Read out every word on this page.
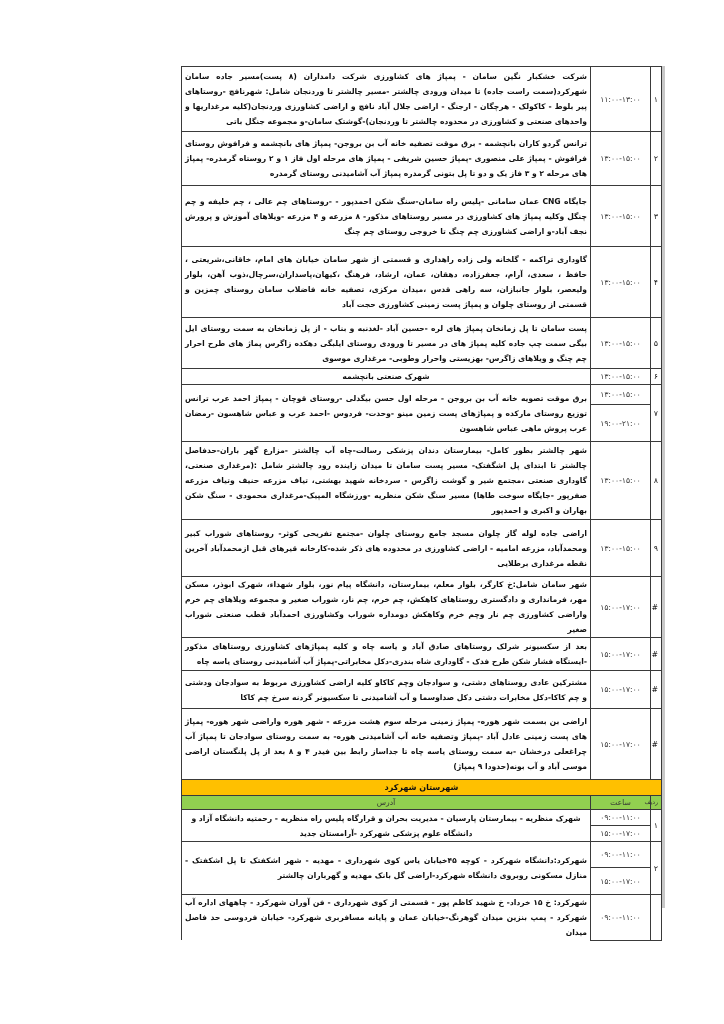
۱	۱۱:۰۰-۱۳:۰۰	شرکت خشکبار نگین سامان - پمپاژ های کشاورزی شرکت دامداران (۸ پست)مسیر جاده سامان شهرکرد(سمت راست جاده) تا میدان ورودی چالشتر -مسیر چالشتر تا وردنجان شامل: شهرنافچ -روستاهای پیر بلوط - کاکولک - هرچگان - ارجنگ - اراضی جلال آباد نافچ و اراضی کشاورزی وردنجان(کلیه مرغداریها و واحدهای صنعتی و کشاورزی در محدوده چالشتر تا وردنجان)-گوشتک سامان-و مجموعه جنگل باتی
۲	۱۳:۰۰-۱۵:۰۰	ترانس گردو کاران بانچشمه - برق موقت تصفیه خانه آب بن بروجن- پمپاژ های بانچشمه و فرافوش روستای فرافوش - پمپاژ علی منصوری -پمپاژ حسین شریفی - پمپاژ های مرحله اول فاز ۱ و ۲ روستاه گرمدره- پمپاژ های مرحله ۲ و ۳ فاز یک و دو تا پل بتونی گرمدره پمپاژ آب آشامیدنی روستای گرمدره
۳	۱۳:۰۰-۱۵:۰۰	جایگاه CNG عمان سامانی -پلیس راه سامان-سنگ شکن احمدپور - -روستاهای چم عالی ، چم خلیفه و چم چنگل وکلیه پمپاژ های کشاورزی در مسیر روستاهای مذکور- ۸ مزرعه و ۴ مزرعه -ویلاهای آموزش و پرورش نجف آباد-و اراضی کشاورزی چم چنگ تا خروجی روستای چم چنگ
۴	۱۳:۰۰-۱۵:۰۰	گاوداری تراکمه - گلخانه ولی زاده راهداری و قسمتی از شهر سامان خیابان های امام، خاقانی،شریعتی ، حافظ ، سعدی، آرام، جعفرزاده، دهقان، عمان، ارشاد، فرهنگ ،کیهان،پاسداران،سرچال،ذوب آهن، بلوار ولیعصر، بلوار جانبازان، سه راهی قدس ،میدان مرکزی، تصفیه خانه فاضلاب سامان روستای چمزین و قسمتی از روستای چلوان و پمپاژ پست زمینی کشاورزی حجت آباد
۵	۱۳:۰۰-۱۵:۰۰	پست سامان تا پل زمانخان پمپاژ های لره -حسین آباد -لغدنبه و بناب - از پل زمانخان به سمت روستای ایل بیگی سمت چپ جاده کلیه پمپاژ های در مسیر تا ورودی روستای ایلبگی دهکده زاگرس پماژ های طرح احرار چم چنگ و ویلاهای زاگرس- بهزیستی واحرار وطوبی- مرغداری موسوی
۶	۱۳:۰۰-۱۵:۰۰	شهرک صنعتی بانچشمه
۷	۱۳:۰۰-۱۵:۰۰	برق موقت تصویه خانه آب بن بروجن - مرحله اول حسن بیگدلی -روستای قوچان - پمپاژ احمد عرب ترانس توزیع روستای مارکده و پمپاژهای پست زمین مینو -وحدت- فردوس -احمد عرب و عباس شاهسون -رمضان عرب پروش ماهی عباس شاهسون
	۱۹:۰۰-۲۱:۰۰	
۸	۱۳:۰۰-۱۵:۰۰	شهر چالشتر بطور کامل- بیمارستان دندان پزشکی رسالت-چاه آب چالشتر -مزارع گهر باران-حدفاصل چالشتر تا ابتدای پل اشگفتک- مسیر پست سامان تا میدان زاینده رود چالشتر شامل :(مرغداری صنعتی، گاوداری صنعتی ،مجتمع شیر و گوشت زاگرس - سردخانه شهید بهشتی، تیاف مزرعه حنیف وتیاف مزرعه صفرپور -جایگاه سوخت طاها) مسیر سنگ شکن منظریه -ورزشگاه المپیک-مرغداری محمودی - سنگ شکن بهاران و اکبری و احمدپور
۹	۱۳:۰۰-۱۵:۰۰	اراضی جاده لوله گاز چلوان مسجد جامع روستای چلوان -مجتمع تفریحی کوثر- روستاهای شوراب کبیر ومحمدآباد، مزرعه امامیه - اراضی کشاورزی در محدوده های ذکر شده-کارخانه قیرهای قبل ازمحمدآباد آخرین نقطه مرغداری برطلایی
#	۱۵:۰۰-۱۷:۰۰	شهر سامان شامل:خ کارگر، بلوار معلم، بیمارستان، دانشگاه پیام نور، بلوار شهداء، شهرک ابوذر، مسکن مهر، فرمانداری و دادگستری روستاهای کاهکش، چم خرم، چم نار، شوراب صغیر و مجموعه ویلاهای چم خرم واراضی کشاورزی چم نار وچم خرم وکاهکش دومداره شوراب وکشاورزی احمدآباد قطب صنعتی شوراب صغیر
#	۱۵:۰۰-۱۷:۰۰	بعد از سکسیونر شرلک روستاهای صادق آباد و یاسه چاه و کلیه پمپاژهای کشاورزی روستاهای مذکور -ایستگاه فشار شکن طرح فدک - گاوداری شاه بندری-دکل مخابراتی-پمپاژ آب آشامیدنی روستای یاسه چاه
#	۱۵:۰۰-۱۷:۰۰	مشترکین عادی روستاهای دشتی، و سوادجان وچم کاکاو کلیه اراضی کشاورزی مربوط به سوادجان ودشتی و چم کاکا-دکل مخابرات دشتی دکل صداوسما و آب آشامیدنی تا سکسیونر گردنه سرخ چم کاکا
#	۱۵:۰۰-۱۷:۰۰	اراضی بن بسمت شهر هوره- پمپاژ زمینی مرحله سوم هشت مزرعه - شهر هوره واراضی شهر هوره- پمپاژ های پست زمینی عادل آباد -پمپاژ وتصفیه خانه آب آشامیدنی هوره- به سمت روستای سوادجان تا پمپاژ آب چراغعلی درخشان -به سمت روستای یاسه چاه تا جداساز رابط بین فیدر ۴ و ۸ بعد از پل پلنگستان اراضی موسی آباد و آب بونه(حدودا ۹ پمپاژ)
شهرستان شهرکرد		
ردیف	ساعت	آدرس
۱	۰۹:۰۰-۱۱:۰۰	شهرک منظریه - بیمارستان پارسیان - مدیریت بحران و قرارگاه پلیس راه منظریه - رحمتیه دانشگاه آزاد و دانشگاه علوم پزشکی شهرکرد -آرامستان جدید
	۱۵:۰۰-۱۷:۰۰	
۲	۰۹:۰۰-۱۱:۰۰	شهرکرد:دانشگاه شهرکرد - کوچه ۴۵خیابان یاس کوی شهرداری - مهدیه - شهر اشکفتک تا پل اشکفتک - منازل مسکونی روبروی دانشگاه شهرکرد-اراضی گل بانک مهدیه و گهرباران چالشتر
	۱۵:۰۰-۱۷:۰۰	
	۰۹:۰۰-۱۱:۰۰	شهرکرد: خ ۱۵ خرداد- خ شهید کاظم پور - قسمتی از کوی شهرداری - فن آوران شهرکرد - چاههای اداره آب شهرکرد - پمپ بنزین میدان گوهرنگ-خیابان عمان و پایانه مسافربری شهرکرد- خیابان فردوسی حد فاصل میدان
